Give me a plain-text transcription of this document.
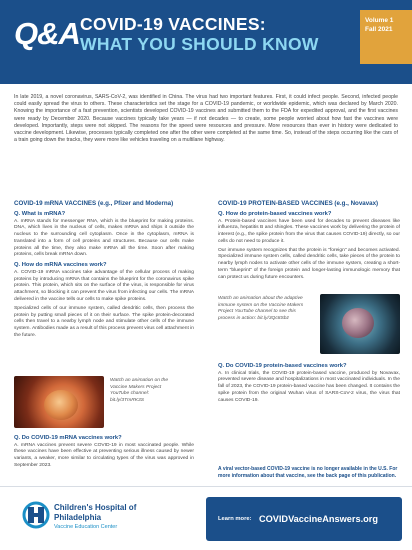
Q&A COVID-19 VACCINES:
WHAT YOU SHOULD KNOW
Volume 1
Fall 2021
In late 2019, a novel coronavirus, SARS-CoV-2, was identified in China. The virus had two important features. First, it could infect people. Second, infected people could easily spread the virus to others. These characteristics set the stage for a COVID-19 pandemic, or worldwide epidemic, which was declared by March 2020. Knowing the importance of a fast prevention, scientists developed COVID-19 vaccines and submitted them to the FDA for expedited approval, and the first vaccines were ready by December 2020. Because vaccines typically take years — if not decades — to create, some people worried about how fast the vaccines were developed. Importantly, steps were not skipped. The reasons for the speed were resources and pressure. More resources than ever in history were dedicated to vaccine development. Likewise, processes typically completed one after the other were completed at the same time. So, instead of the steps occurring like the cars of a train going down the tracks, they were more like vehicles traveling on a multilane highway.
COVID-19 mRNA VACCINES (e.g., Pfizer and Moderna)
Q. What is mRNA?
A. mRNA stands for messenger RNA, which is the blueprint for making proteins. DNA, which lives in the nucleus of cells, makes mRNA and ships it outside the nucleus to the surrounding cell cytoplasm. Once in the cytoplasm, mRNA is translated into a form of cell proteins and structures. Because our cells make proteins all the time, they also make mRNA all the time. Soon after making proteins, cells break mRNA down.
Q. How do mRNA vaccines work?

A. COVID-19 mRNA vaccines take advantage of the cellular process of making proteins by introducing mRNA that contains the blueprint for the coronavirus spike protein. This protein, which sits on the surface of the virus, is responsible for virus attachment, so blocking it can prevent the virus from infecting our cells. The mRNA delivered in the vaccine tells our cells to make spike proteins.

Specialized cells of our immune system, called dendritic cells, then process the protein by putting small pieces of it on their surface. The spike protein-decorated cells then travel to a nearby lymph node and stimulate other cells of the immune system. Antibodies made as a result of this process prevent virus cell attachment in the future.

Watch an animation on the Vaccine Makers Project YouTube channel: bit.ly/3TmRK3S
Q. Do COVID-19 mRNA vaccines work?
A. mRNA vaccines prevent severe COVID-19 in most vaccinated people. While these vaccines have been effective at preventing serious illness caused by newer variants, a weaker, more similar to circulating types of the virus was approved in September 2023.
COVID-19 PROTEIN-BASED VACCINES (e.g., Novavax)
Q. How do protein-based vaccines work?

A. Protein-based vaccines have been used for decades to prevent diseases like influenza, hepatitis B and shingles. These vaccines work by delivering the protein of interest (e.g., the spike protein from the virus that causes COVID-19) directly, so our cells do not need to produce it.

Our immune system recognizes that the protein is "foreign" and becomes activated. Specialized immune system cells, called dendritic cells, take pieces of the protein to nearby lymph nodes to activate other cells of the immune system, creating a short-term "blueprint" of the foreign protein and longer-lasting immunologic memory that can protect us during future encounters.

Watch an animation about the adaptive immune system on the Vaccine Makers Project YouTube channel to see this process in action: bit.ly/3Qc8Sbz
Q. Do COVID-19 protein-based vaccines work?
A. In clinical trials, the COVID-19 protein-based vaccine, produced by Novavax, prevented severe disease and hospitalizations in most vaccinated individuals. In the fall of 2023, the COVID-19 protein-based vaccine has been changed. It contains the spike protein from the original Wuhan virus of SARS-CoV-2 virus, the virus that causes COVID-19.
A viral vector-based COVID-19 vaccine is no longer available in the U.S. For more information about that vaccine, see the back page of this publication.
Children's Hospital of Philadelphia
Vaccine Education Center
Learn more: COVIDVaccineAnswers.org
